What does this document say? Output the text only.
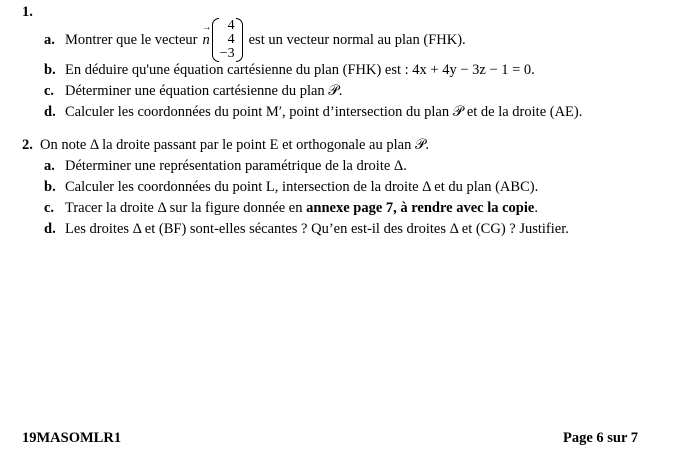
1.
a. Montrer que le vecteur n →
4
4
−3
est un vecteur normal au plan (FHK).
b. En déduire qu'une équation cartésienne du plan (FHK) est : 4x + 4y − 3z − 1 = 0.
c. Déterminer une équation cartésienne du plan 𝒫.
d. Calculer les coordonnées du point M′, point d’intersection du plan 𝒫 et de la droite (AE).
2. On note Δ la droite passant par le point E et orthogonale au plan 𝒫.
a. Déterminer une représentation paramétrique de la droite Δ.
b. Calculer les coordonnées du point L, intersection de la droite Δ et du plan (ABC).
c. Tracer la droite Δ sur la figure donnée en annexe page 7, à rendre avec la copie.
d. Les droites Δ et (BF) sont-elles sécantes ? Qu’en est-il des droites Δ et (CG) ? Justifier.
19MASOMLR1	Page 6 sur 7
